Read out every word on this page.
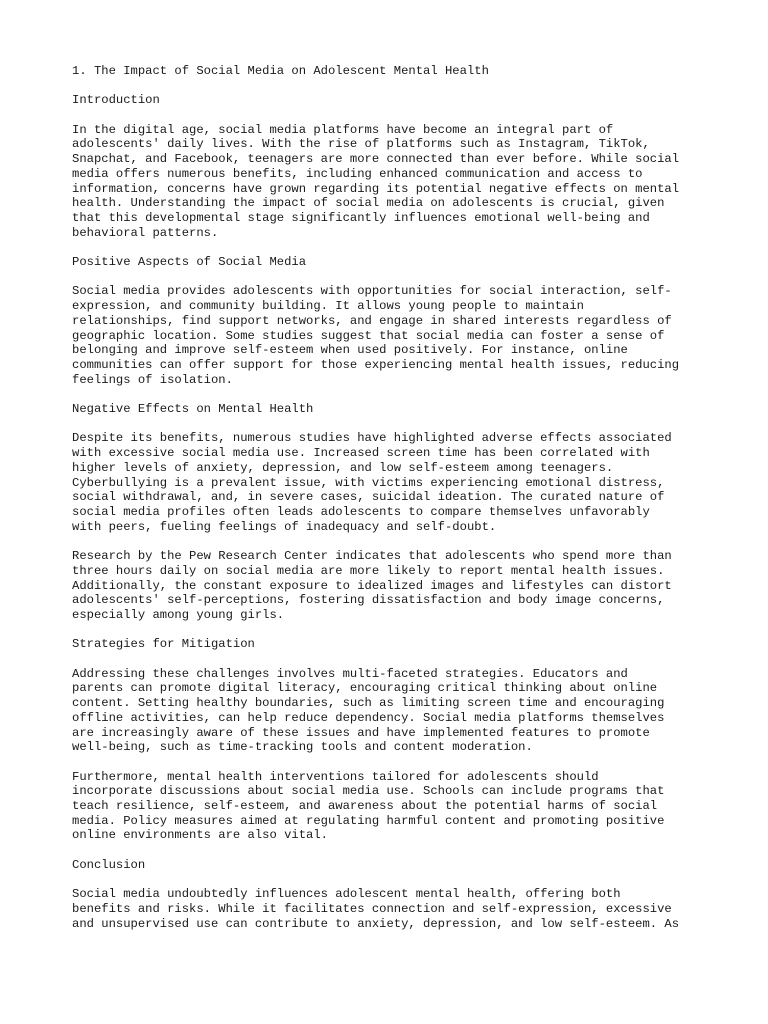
1. The Impact of Social Media on Adolescent Mental Health

Introduction

In the digital age, social media platforms have become an integral part of
adolescents' daily lives. With the rise of platforms such as Instagram, TikTok,
Snapchat, and Facebook, teenagers are more connected than ever before. While social
media offers numerous benefits, including enhanced communication and access to
information, concerns have grown regarding its potential negative effects on mental
health. Understanding the impact of social media on adolescents is crucial, given
that this developmental stage significantly influences emotional well-being and
behavioral patterns.

Positive Aspects of Social Media

Social media provides adolescents with opportunities for social interaction, self-
expression, and community building. It allows young people to maintain
relationships, find support networks, and engage in shared interests regardless of
geographic location. Some studies suggest that social media can foster a sense of
belonging and improve self-esteem when used positively. For instance, online
communities can offer support for those experiencing mental health issues, reducing
feelings of isolation.

Negative Effects on Mental Health

Despite its benefits, numerous studies have highlighted adverse effects associated
with excessive social media use. Increased screen time has been correlated with
higher levels of anxiety, depression, and low self-esteem among teenagers.
Cyberbullying is a prevalent issue, with victims experiencing emotional distress,
social withdrawal, and, in severe cases, suicidal ideation. The curated nature of
social media profiles often leads adolescents to compare themselves unfavorably
with peers, fueling feelings of inadequacy and self-doubt.

Research by the Pew Research Center indicates that adolescents who spend more than
three hours daily on social media are more likely to report mental health issues.
Additionally, the constant exposure to idealized images and lifestyles can distort
adolescents' self-perceptions, fostering dissatisfaction and body image concerns,
especially among young girls.

Strategies for Mitigation

Addressing these challenges involves multi-faceted strategies. Educators and
parents can promote digital literacy, encouraging critical thinking about online
content. Setting healthy boundaries, such as limiting screen time and encouraging
offline activities, can help reduce dependency. Social media platforms themselves
are increasingly aware of these issues and have implemented features to promote
well-being, such as time-tracking tools and content moderation.

Furthermore, mental health interventions tailored for adolescents should
incorporate discussions about social media use. Schools can include programs that
teach resilience, self-esteem, and awareness about the potential harms of social
media. Policy measures aimed at regulating harmful content and promoting positive
online environments are also vital.

Conclusion

Social media undoubtedly influences adolescent mental health, offering both
benefits and risks. While it facilitates connection and self-expression, excessive
and unsupervised use can contribute to anxiety, depression, and low self-esteem. As
